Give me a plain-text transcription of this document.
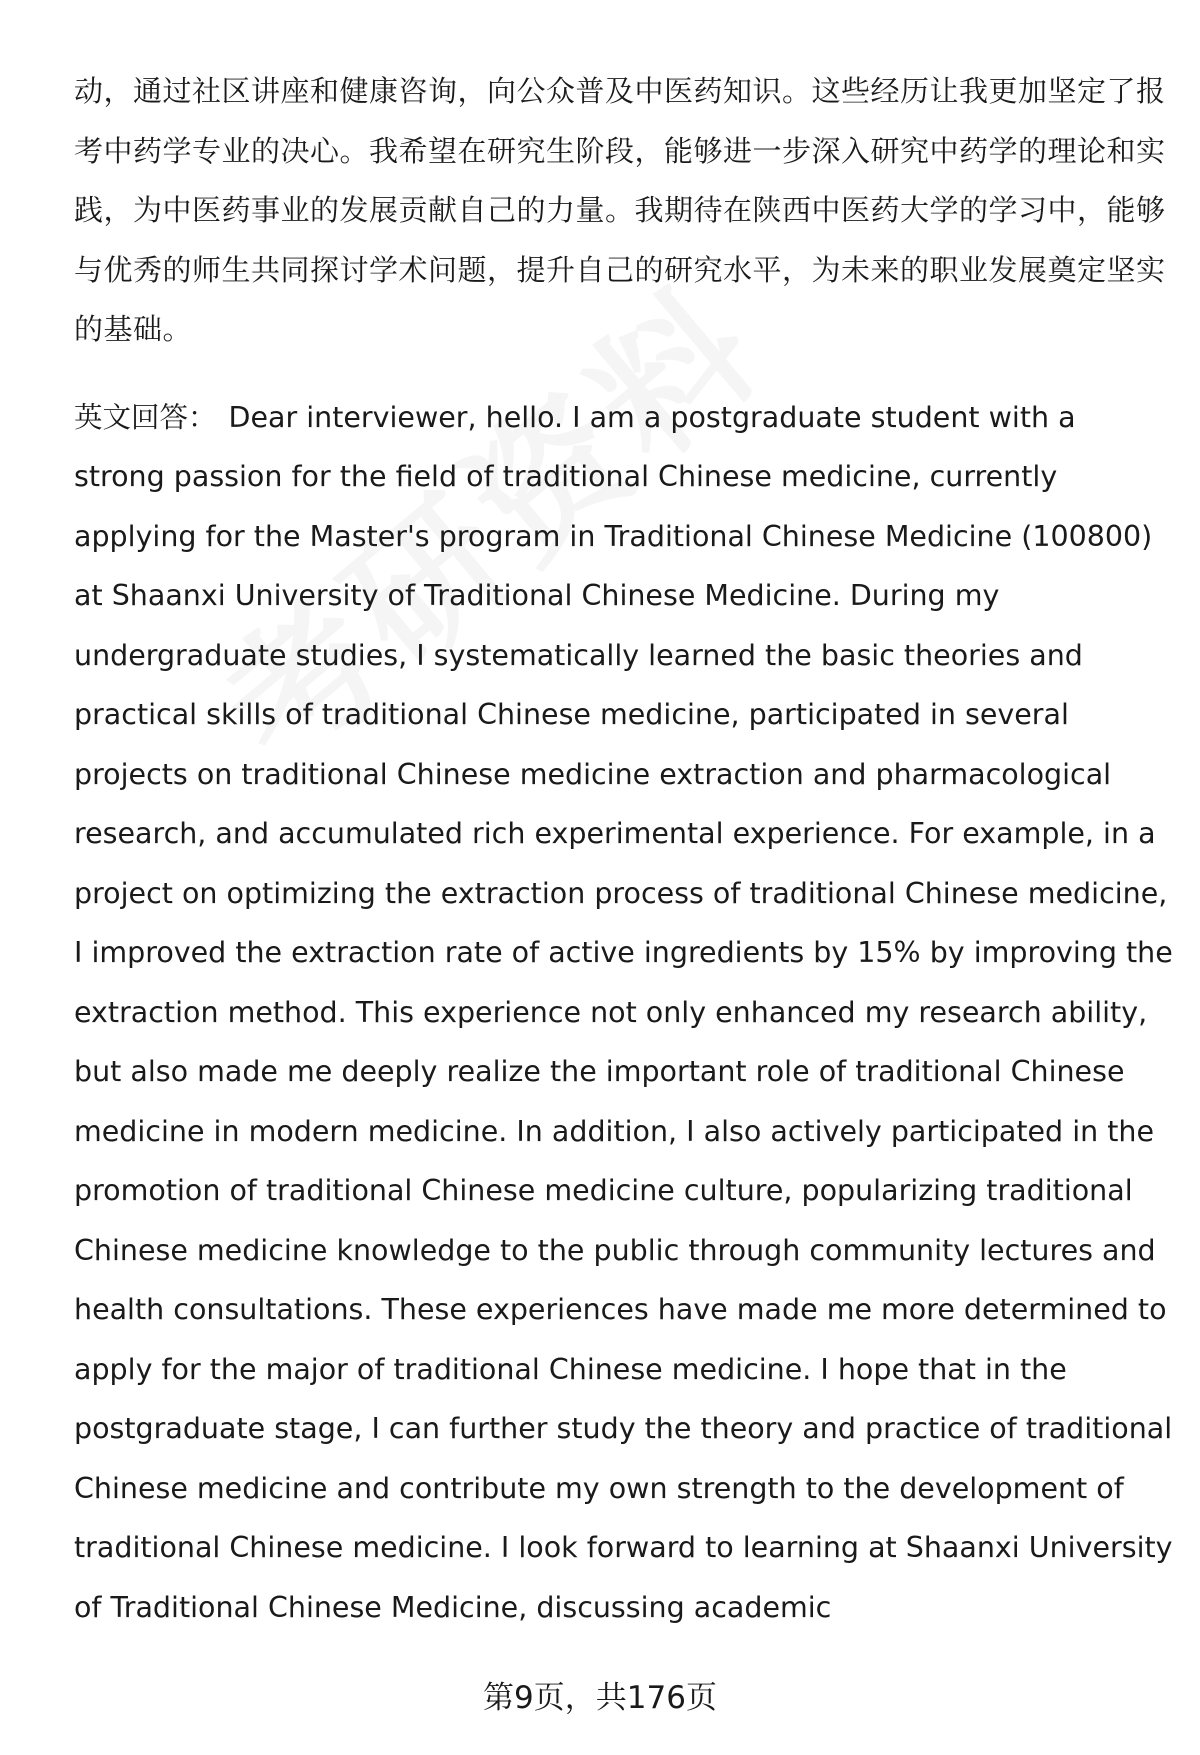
动，通过社区讲座和健康咨询，向公众普及中医药知识。这些经历让我更加坚定了报考中药学专业的决心。我希望在研究生阶段，能够进一步深入研究中药学的理论和实践，为中医药事业的发展贡献自己的力量。我期待在陕西中医药大学的学习中，能够与优秀的师生共同探讨学术问题，提升自己的研究水平，为未来的职业发展奠定坚实的基础。

英文回答： Dear interviewer, hello. I am a postgraduate student with a strong passion for the field of traditional Chinese medicine, currently applying for the Master's program in Traditional Chinese Medicine (100800) at Shaanxi University of Traditional Chinese Medicine. During my undergraduate studies, I systematically learned the basic theories and practical skills of traditional Chinese medicine, participated in several projects on traditional Chinese medicine extraction and pharmacological research, and accumulated rich experimental experience. For example, in a project on optimizing the extraction process of traditional Chinese medicine, I improved the extraction rate of active ingredients by 15% by improving the extraction method. This experience not only enhanced my research ability, but also made me deeply realize the important role of traditional Chinese medicine in modern medicine. In addition, I also actively participated in the promotion of traditional Chinese medicine culture, popularizing traditional Chinese medicine knowledge to the public through community lectures and health consultations. These experiences have made me more determined to apply for the major of traditional Chinese medicine. I hope that in the postgraduate stage, I can further study the theory and practice of traditional Chinese medicine and contribute my own strength to the development of traditional Chinese medicine. I look forward to learning at Shaanxi University of Traditional Chinese Medicine, discussing academic

第9页，共176页
